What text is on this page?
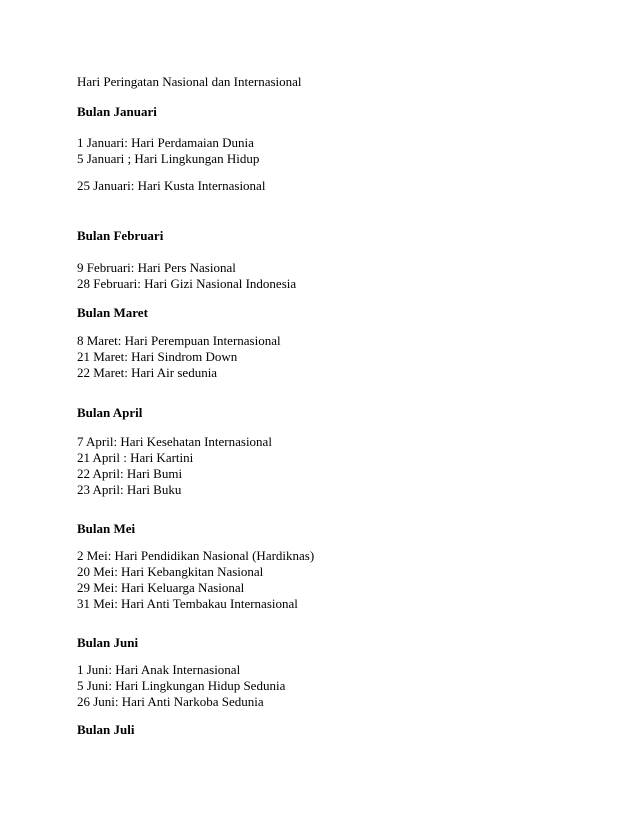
Hari Peringatan Nasional dan Internasional
Bulan Januari
1 Januari: Hari Perdamaian Dunia
5 Januari ; Hari Lingkungan Hidup
25 Januari: Hari Kusta Internasional
Bulan Februari
9 Februari: Hari Pers Nasional
28 Februari: Hari Gizi Nasional Indonesia
Bulan Maret
8 Maret: Hari Perempuan Internasional
21 Maret: Hari Sindrom Down
22 Maret: Hari Air sedunia
Bulan April
7 April: Hari Kesehatan Internasional
21 April : Hari Kartini
22 April: Hari Bumi
23 April: Hari Buku
Bulan Mei
2 Mei: Hari Pendidikan Nasional (Hardiknas)
20 Mei: Hari Kebangkitan Nasional
29 Mei: Hari Keluarga Nasional
31 Mei: Hari Anti Tembakau Internasional
Bulan Juni
1 Juni: Hari Anak Internasional
5 Juni: Hari Lingkungan Hidup Sedunia
26 Juni: Hari Anti Narkoba Sedunia
Bulan Juli
